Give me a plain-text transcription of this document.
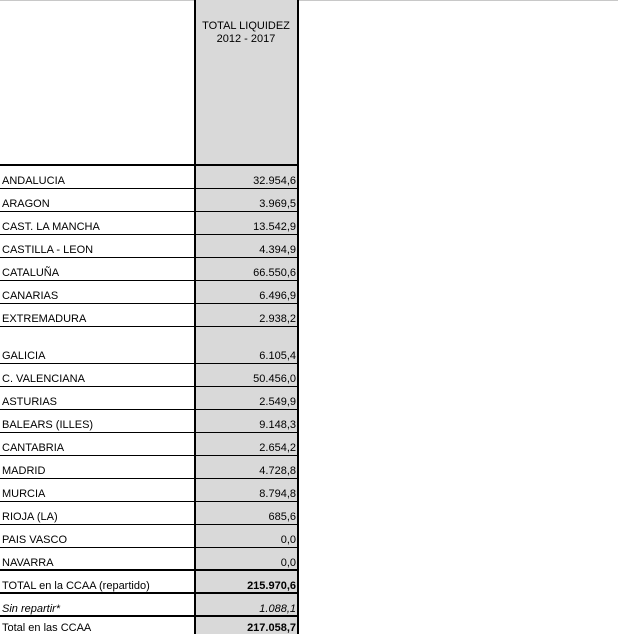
TOTAL LIQUIDEZ
2012 - 2017
ANDALUCIA	32.954,6
ARAGON	3.969,5
CAST. LA MANCHA	13.542,9
CASTILLA - LEON	4.394,9
CATALUÑA	66.550,6
CANARIAS	6.496,9
EXTREMADURA	2.938,2
GALICIA	6.105,4
C. VALENCIANA	50.456,0
ASTURIAS	2.549,9
BALEARS (ILLES)	9.148,3
CANTABRIA	2.654,2
MADRID	4.728,8
MURCIA	8.794,8
RIOJA (LA)	685,6
PAIS VASCO	0,0
NAVARRA	0,0
TOTAL en la CCAA (repartido)	215.970,6
Sin repartir*	1.088,1
Total en las CCAA	217.058,7
